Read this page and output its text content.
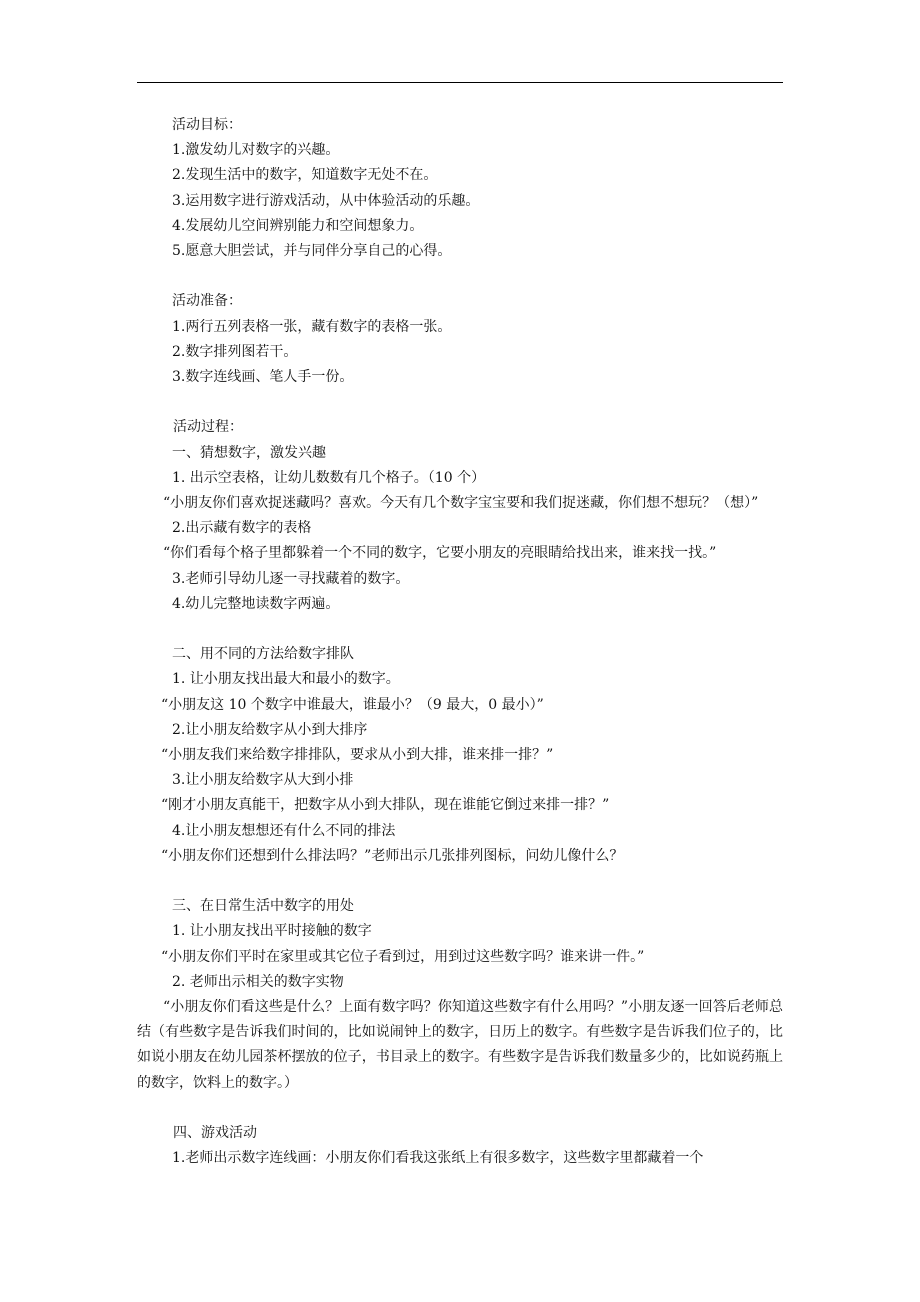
活动目标：
1.激发幼儿对数字的兴趣。
2.发现生活中的数字，知道数字无处不在。
3.运用数字进行游戏活动，从中体验活动的乐趣。
4.发展幼儿空间辨别能力和空间想象力。
5.愿意大胆尝试，并与同伴分享自己的心得。
活动准备：
1.两行五列表格一张，藏有数字的表格一张。
2.数字排列图若干。
3.数字连线画、笔人手一份。
活动过程：
一、猜想数字，激发兴趣
1. 出示空表格，让幼儿数数有几个格子。（10 个）
“小朋友你们喜欢捉迷藏吗？喜欢。今天有几个数字宝宝要和我们捉迷藏，你们想不想玩？（想）”
2.出示藏有数字的表格
“你们看每个格子里都躲着一个不同的数字，它要小朋友的亮眼睛给找出来，谁来找一找。”
3.老师引导幼儿逐一寻找藏着的数字。
4.幼儿完整地读数字两遍。
二、用不同的方法给数字排队
1. 让小朋友找出最大和最小的数字。
“小朋友这 10 个数字中谁最大，谁最小？（9 最大，0 最小）”
2.让小朋友给数字从小到大排序
“小朋友我们来给数字排排队，要求从小到大排，谁来排一排？”
3.让小朋友给数字从大到小排
“刚才小朋友真能干，把数字从小到大排队，现在谁能它倒过来排一排？”
4.让小朋友想想还有什么不同的排法
“小朋友你们还想到什么排法吗？”老师出示几张排列图标，问幼儿像什么？
三、在日常生活中数字的用处
1. 让小朋友找出平时接触的数字
“小朋友你们平时在家里或其它位子看到过，用到过这些数字吗？谁来讲一件。”
2. 老师出示相关的数字实物
“小朋友你们看这些是什么？上面有数字吗？你知道这些数字有什么用吗？”小朋友逐一回答后老师总结（有些数字是告诉我们时间的，比如说闹钟上的数字，日历上的数字。有些数字是告诉我们位子的，比如说小朋友在幼儿园茶杯摆放的位子，书目录上的数字。有些数字是告诉我们数量多少的，比如说药瓶上的数字，饮料上的数字。）
四、游戏活动
1.老师出示数字连线画：小朋友你们看我这张纸上有很多数字，这些数字里都藏着一个
